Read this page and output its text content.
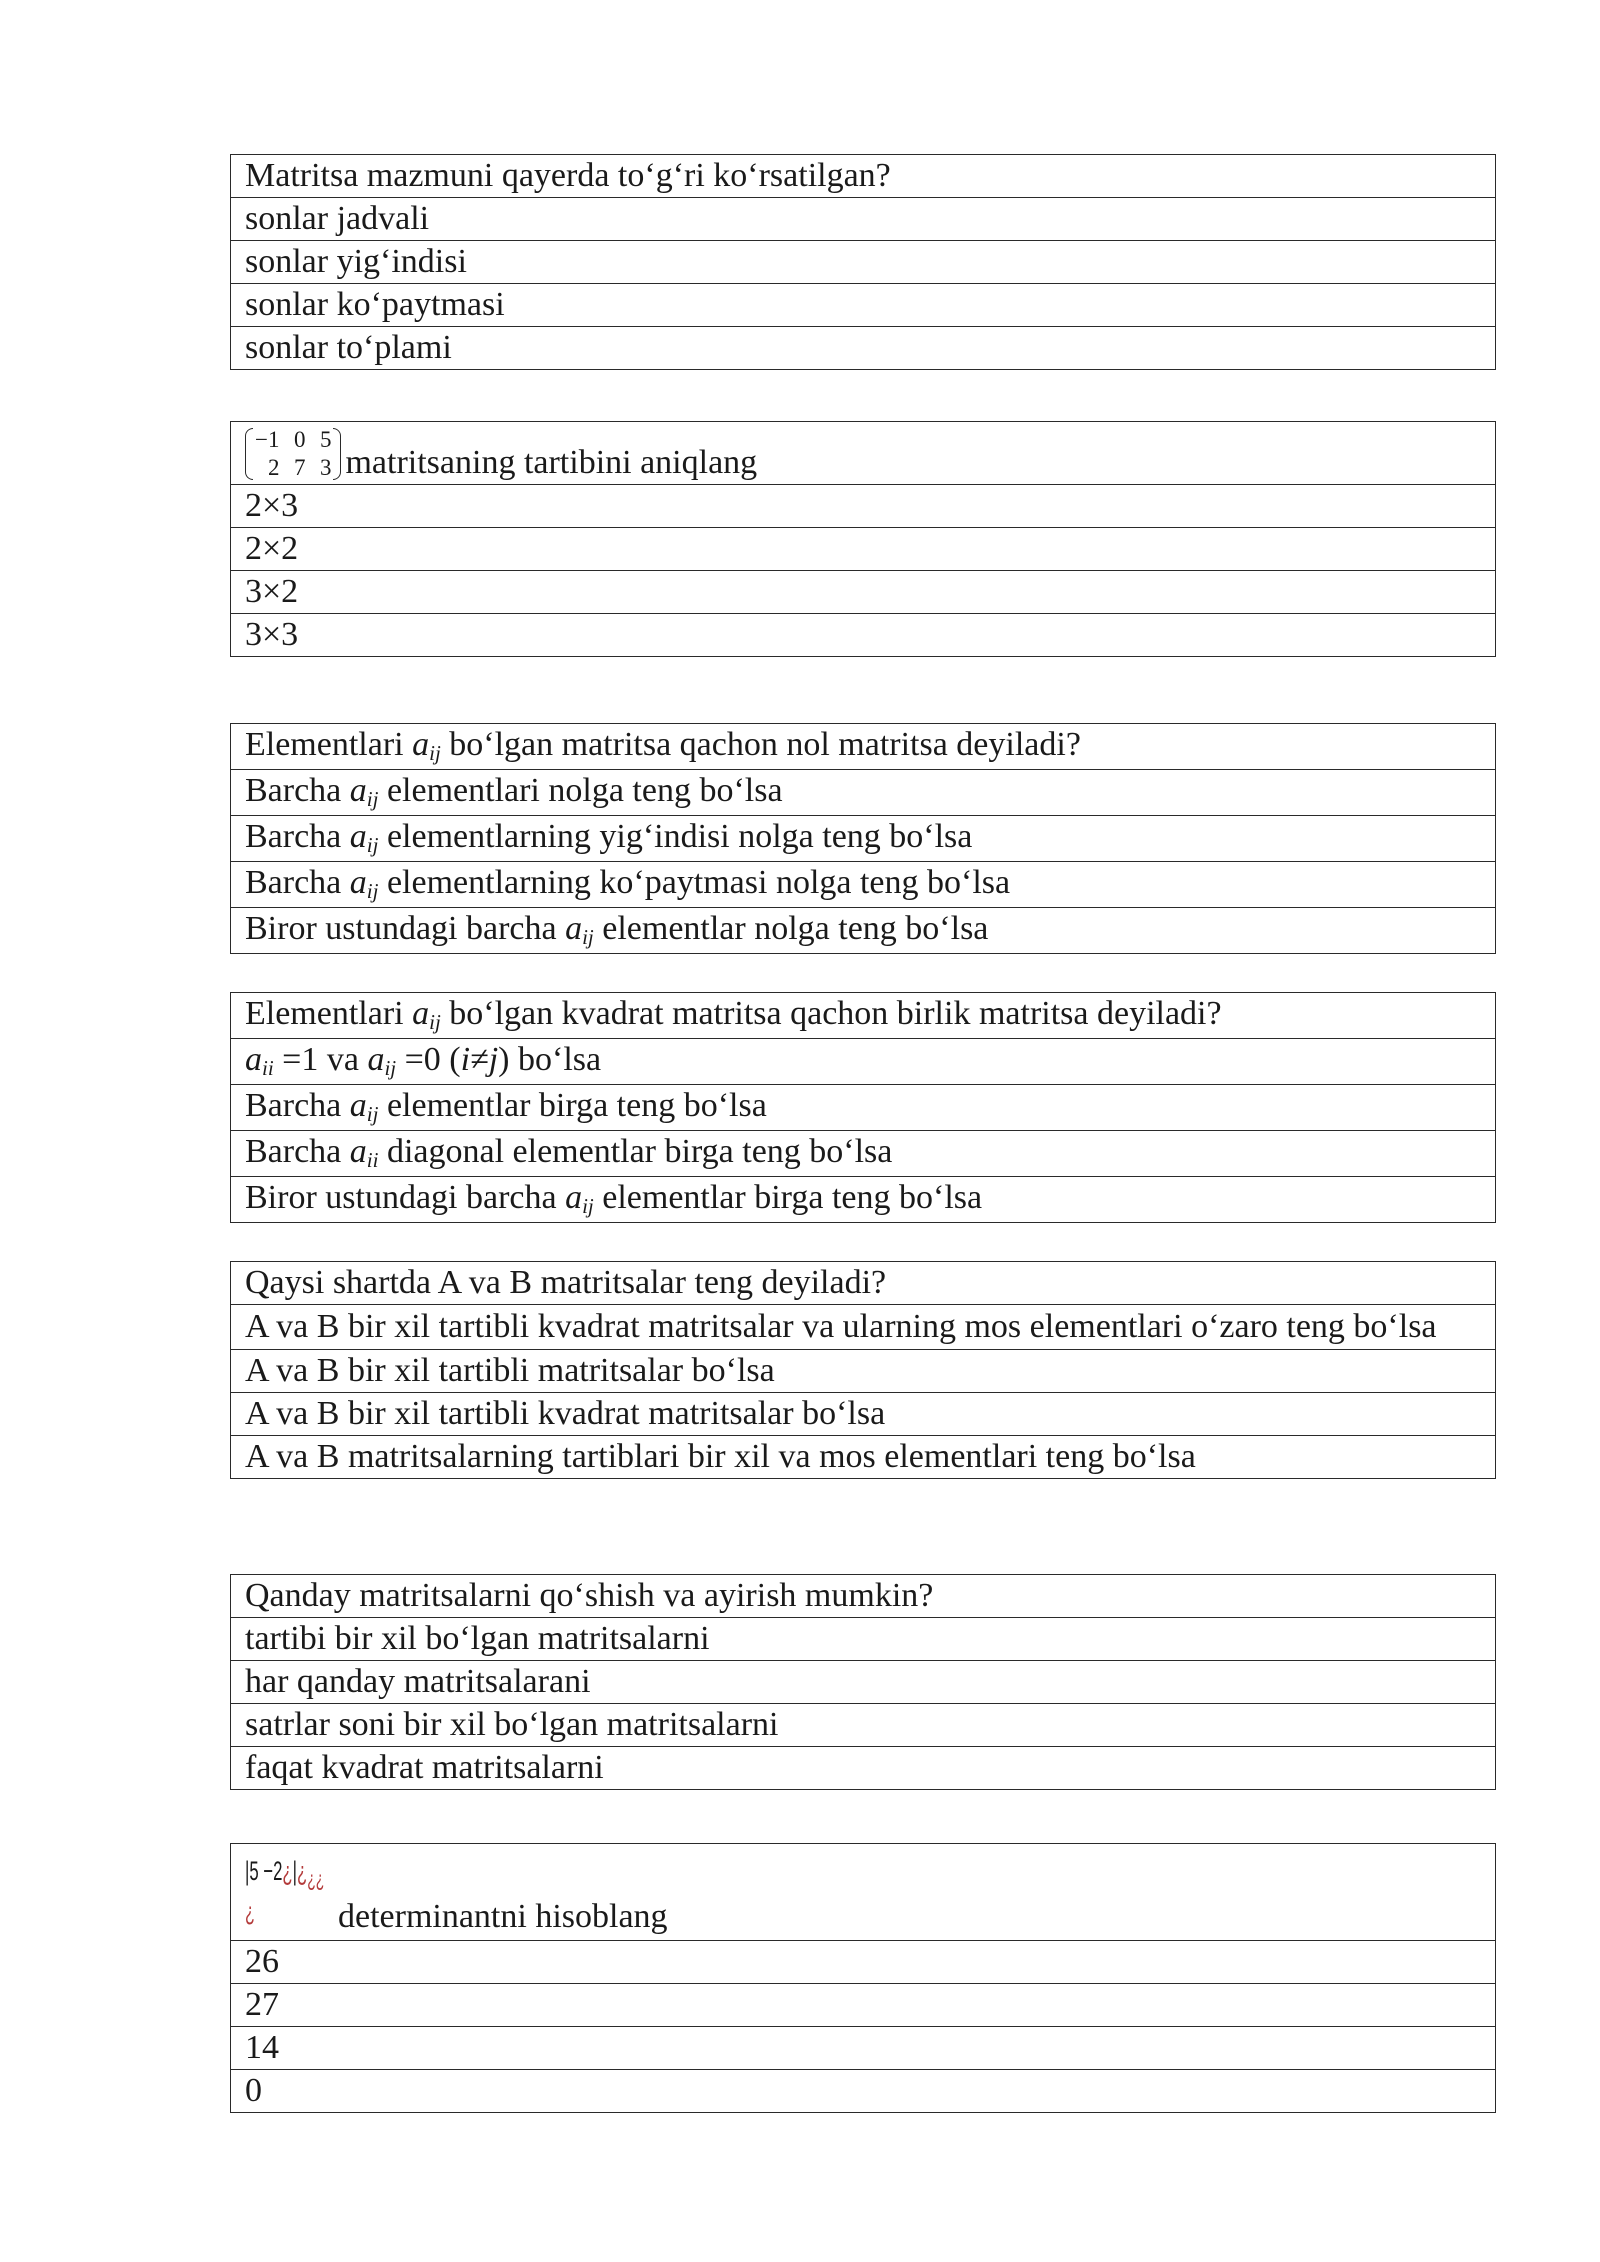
Matritsa mazmuni qayerda to‘g‘ri ko‘rsatilgan?
sonlar jadvali
sonlar yig‘indisi
sonlar ko‘paytmasi
sonlar to‘plami
−1 0 5
2 7 3 matritsaning tartibini aniqlang
2×3
2×2
3×2
3×3
Elementlari aij bo‘lgan matritsa qachon nol matritsa deyiladi?
Barcha aij elementlari nolga teng bo‘lsa
Barcha aij elementlarning yig‘indisi nolga teng bo‘lsa
Barcha aij elementlarning ko‘paytmasi nolga teng bo‘lsa
Biror ustundagi barcha aij elementlar nolga teng bo‘lsa
Elementlari aij bo‘lgan kvadrat matritsa qachon birlik matritsa deyiladi?
aii =1 va aij =0 (i≠j) bo‘lsa
Barcha aij elementlar birga teng bo‘lsa
Barcha aii diagonal elementlar birga teng bo‘lsa
Biror ustundagi barcha aij elementlar birga teng bo‘lsa
Qaysi shartda A va B matritsalar teng deyiladi?
A va B bir xil tartibli kvadrat matritsalar va ularning mos elementlari o‘zaro teng bo‘lsa
A va B bir xil tartibli matritsalar bo‘lsa
A va B bir xil tartibli kvadrat matritsalar bo‘lsa
A va B matritsalarning tartiblari bir xil va mos elementlari teng bo‘lsa
Qanday matritsalarni qo‘shish va ayirish mumkin?
tartibi bir xil bo‘lgan matritsalarni
har qanday matritsalarani
satrlar soni bir xil bo‘lgan matritsalarni
faqat kvadrat matritsalarni
$|5 -2¿|¿_{¿¿}$
¿ determinantni hisoblang

26
27
14
0
